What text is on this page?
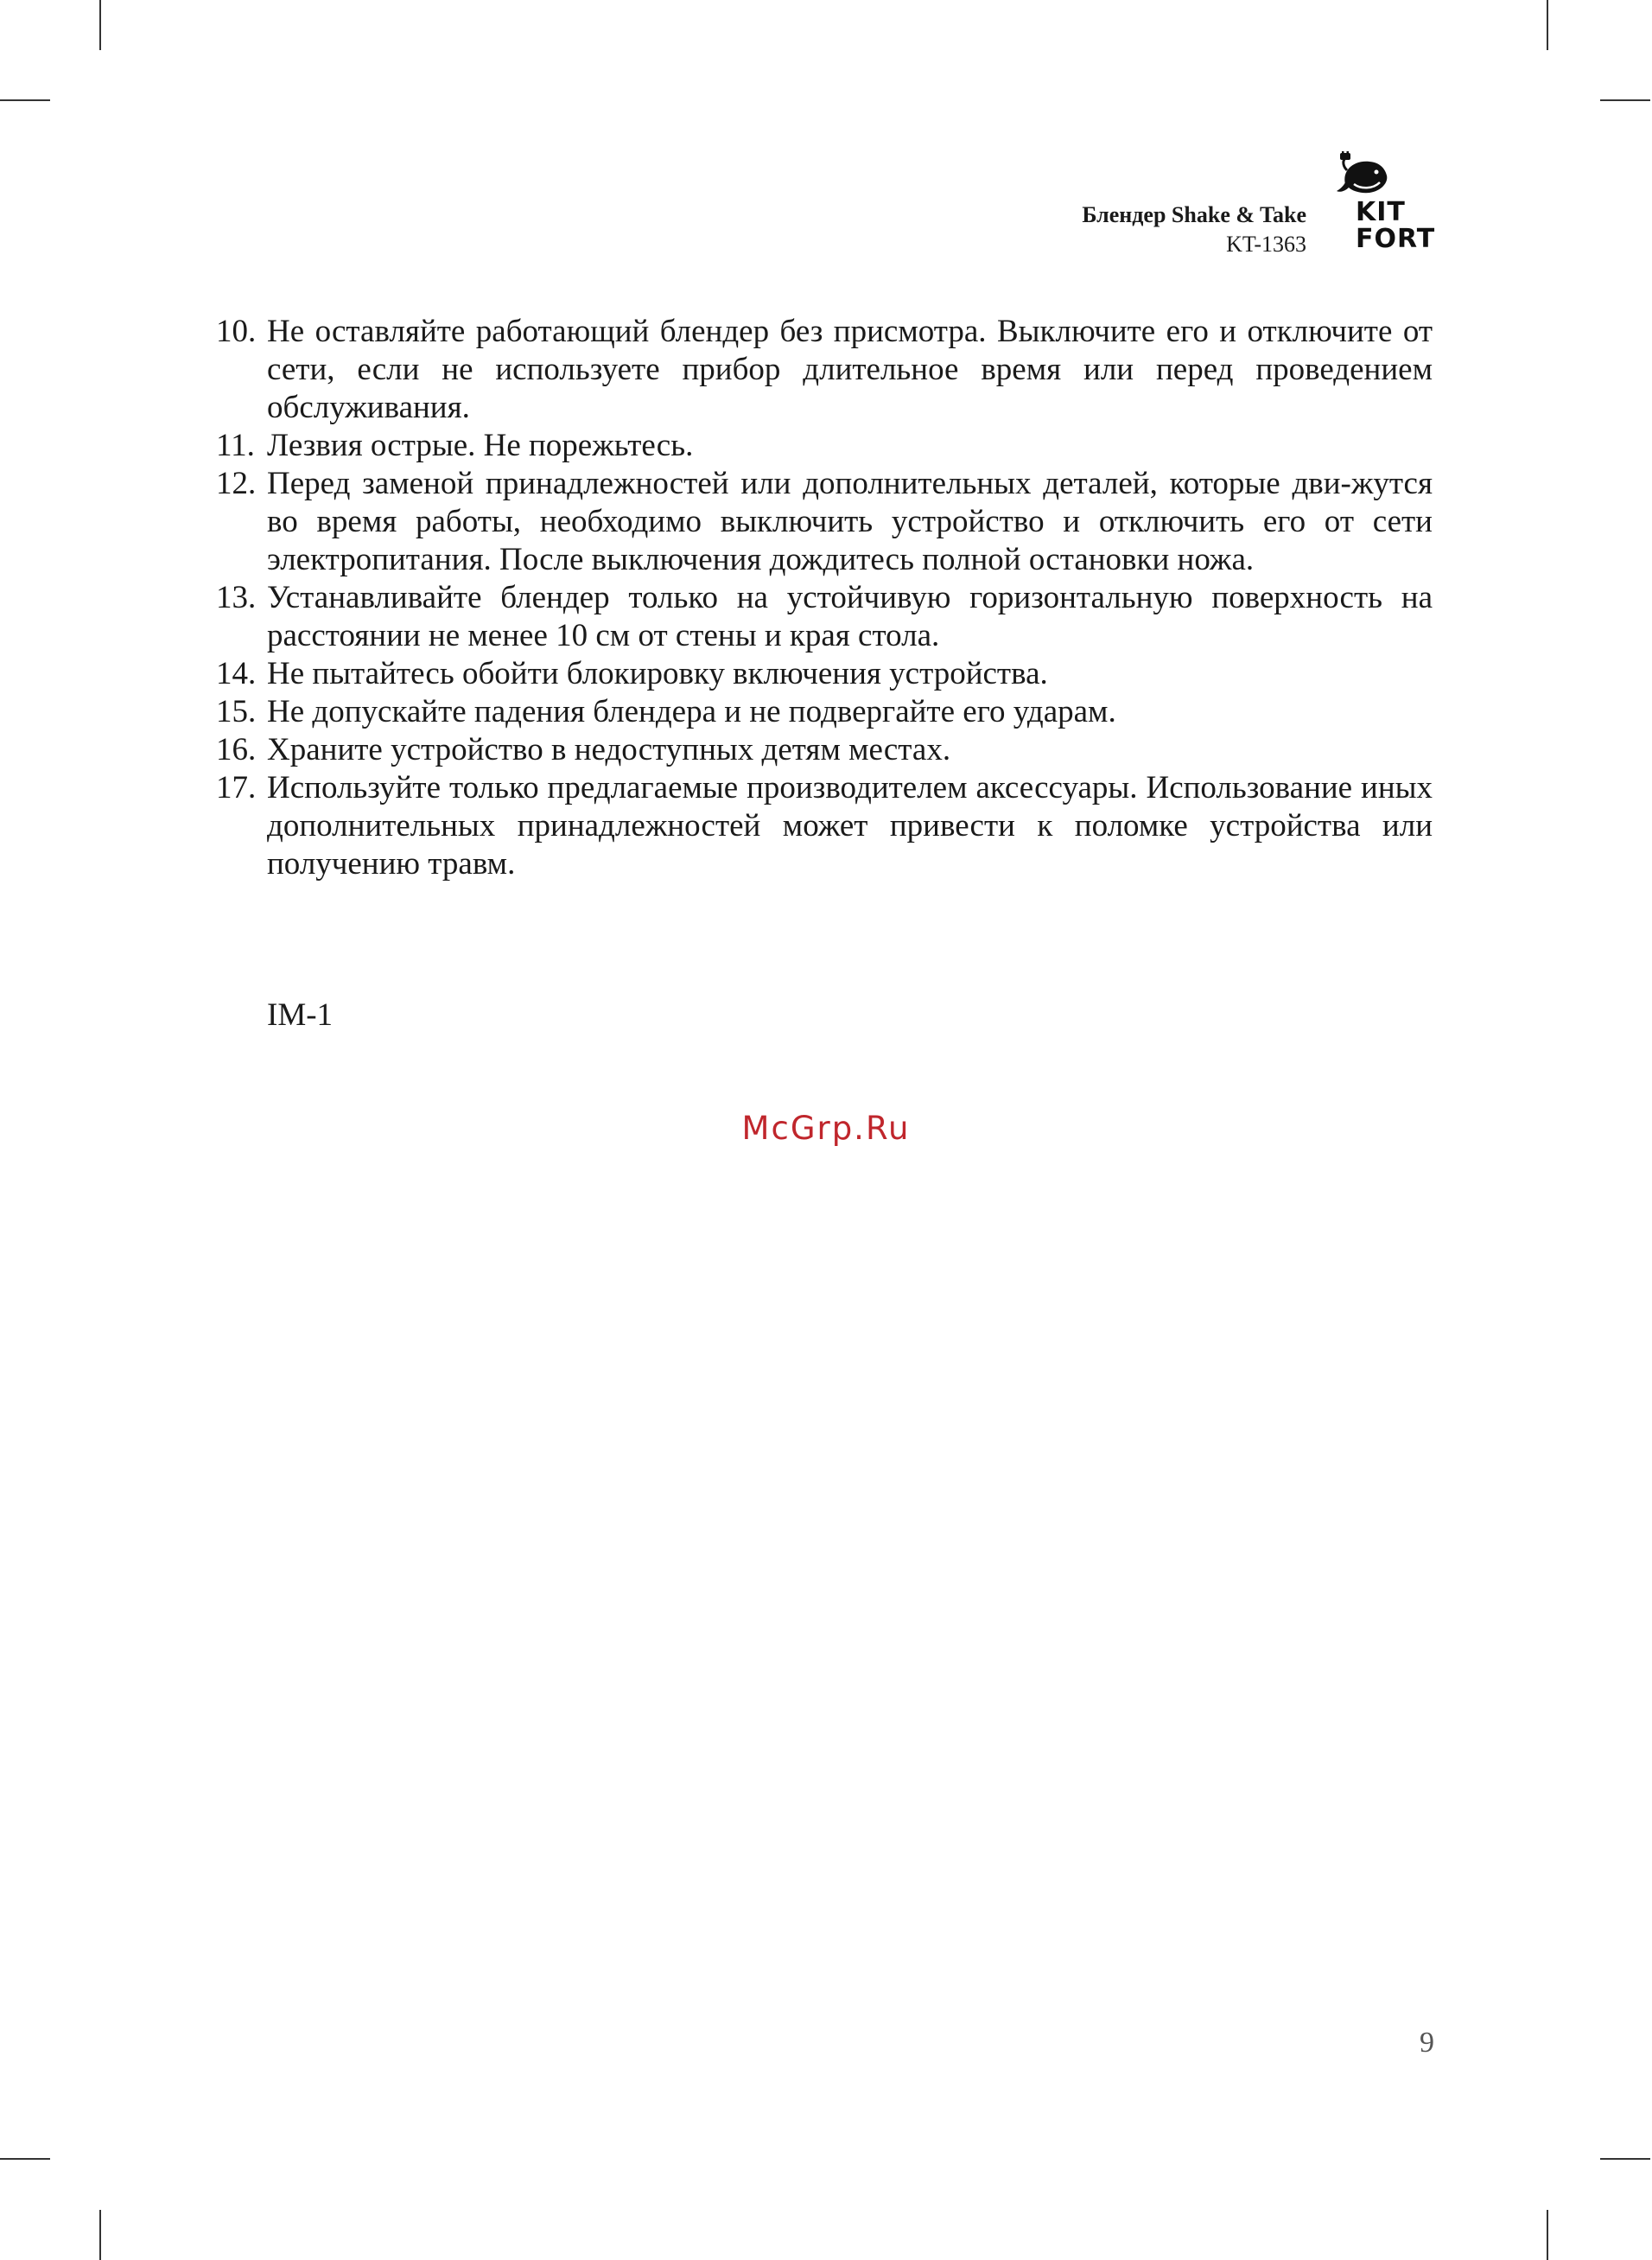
Блендер Shake & Take
KT-1363
KIT
FORT
10. Не оставляйте работающий блендер без присмотра. Выключите его и отключите от сети, если не используете прибор длительное время или перед проведением обслуживания.
11. Лезвия острые. Не порежьтесь.
12. Перед заменой принадлежностей или дополнительных деталей, которые дви-жутся во время работы, необходимо выключить устройство и отключить его от сети электропитания. После выключения дождитесь полной остановки ножа.
13. Устанавливайте блендер только на устойчивую горизонтальную поверхность на расстоянии не менее 10 см от стены и края стола.
14. Не пытайтесь обойти блокировку включения устройства.
15. Не допускайте падения блендера и не подвергайте его ударам.
16. Храните устройство в недоступных детям местах.
17. Используйте только предлагаемые производителем аксессуары. Использование иных дополнительных принадлежностей может привести к поломке устройства или получению травм.
IM-1
McGrp.Ru
9
